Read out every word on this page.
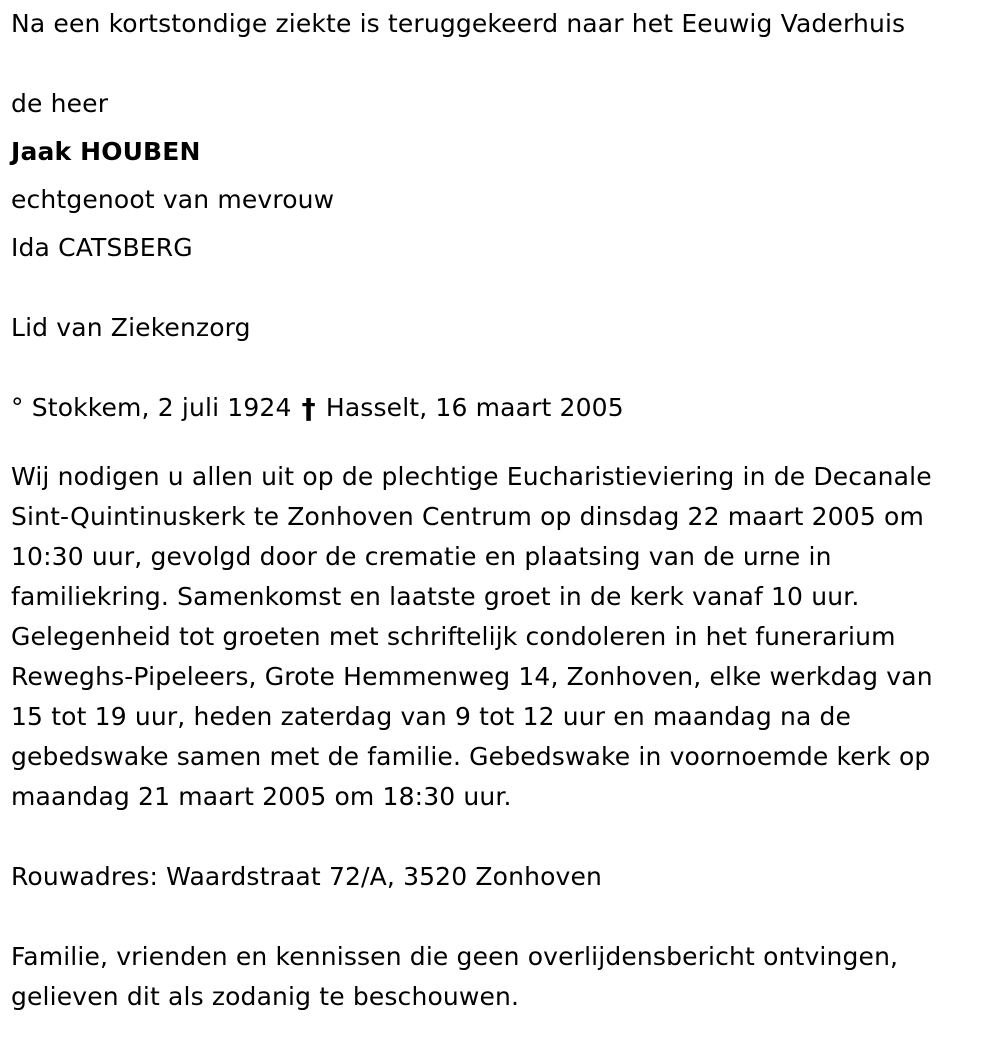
Na een kortstondige ziekte is teruggekeerd naar het Eeuwig Vaderhuis
de heer
Jaak HOUBEN
echtgenoot van mevrouw
Ida CATSBERG
Lid van Ziekenzorg
° Stokkem, 2 juli 1924 † Hasselt, 16 maart 2005
Wij nodigen u allen uit op de plechtige Eucharistieviering in de Decanale
Sint-Quintinuskerk te Zonhoven Centrum op dinsdag 22 maart 2005 om
10:30 uur, gevolgd door de crematie en plaatsing van de urne in
familiekring. Samenkomst en laatste groet in de kerk vanaf 10 uur.
Gelegenheid tot groeten met schriftelijk condoleren in het funerarium
Reweghs-Pipeleers, Grote Hemmenweg 14, Zonhoven, elke werkdag van
15 tot 19 uur, heden zaterdag van 9 tot 12 uur en maandag na de
gebedswake samen met de familie. Gebedswake in voornoemde kerk op
maandag 21 maart 2005 om 18:30 uur.
Rouwadres: Waardstraat 72/A, 3520 Zonhoven
Familie, vrienden en kennissen die geen overlijdensbericht ontvingen,
gelieven dit als zodanig te beschouwen.
